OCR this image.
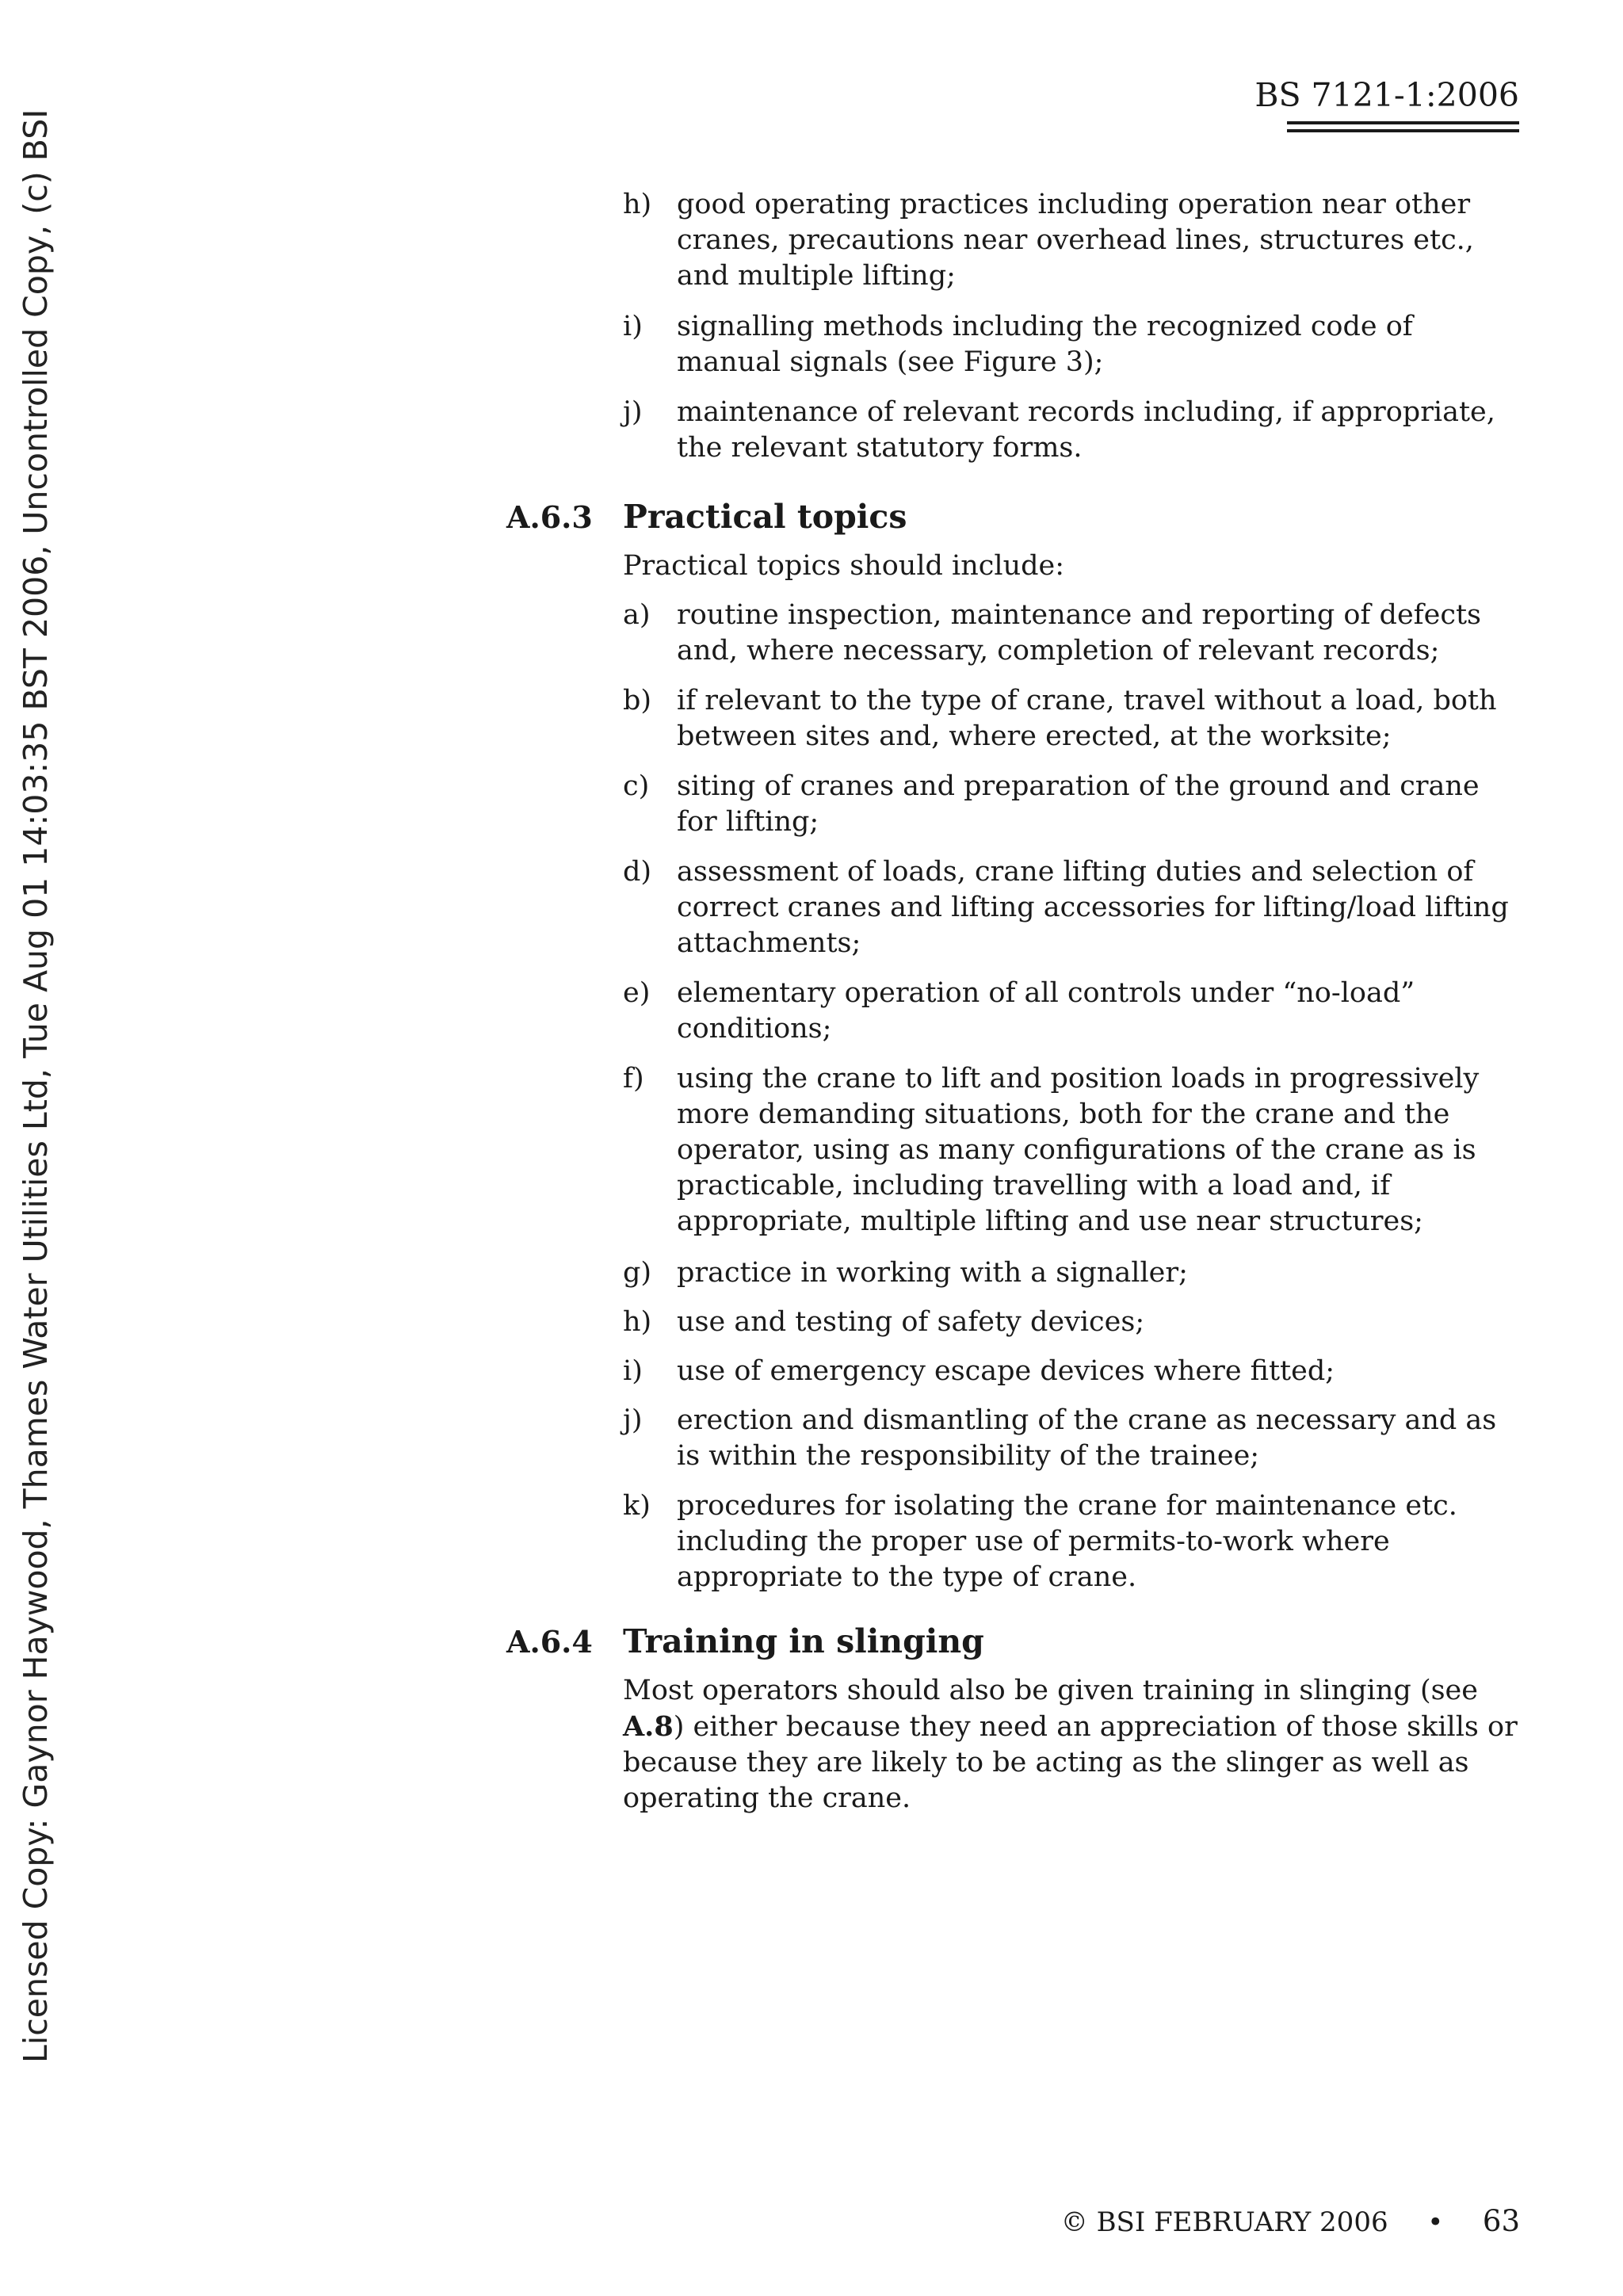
Licensed Copy: Gaynor Haywood, Thames Water Utilities Ltd, Tue Aug 01 14:03:35 BST 2006, Uncontrolled Copy, (c) BSI
BS 7121-1:2006
h) good operating practices including operation near other cranes, precautions near overhead lines, structures etc., and multiple lifting;
i) signalling methods including the recognized code of manual signals (see Figure 3);
j) maintenance of relevant records including, if appropriate, the relevant statutory forms.
A.6.3 Practical topics
Practical topics should include:
a) routine inspection, maintenance and reporting of defects and, where necessary, completion of relevant records;
b) if relevant to the type of crane, travel without a load, both between sites and, where erected, at the worksite;
c) siting of cranes and preparation of the ground and crane for lifting;
d) assessment of loads, crane lifting duties and selection of correct cranes and lifting accessories for lifting/load lifting attachments;
e) elementary operation of all controls under “no-load” conditions;
f) using the crane to lift and position loads in progressively more demanding situations, both for the crane and the operator, using as many configurations of the crane as is practicable, including travelling with a load and, if appropriate, multiple lifting and use near structures;
g) practice in working with a signaller;
h) use and testing of safety devices;
i) use of emergency escape devices where fitted;
j) erection and dismantling of the crane as necessary and as is within the responsibility of the trainee;
k) procedures for isolating the crane for maintenance etc. including the proper use of permits-to-work where appropriate to the type of crane.
A.6.4 Training in slinging
Most operators should also be given training in slinging (see A.8) either because they need an appreciation of those skills or because they are likely to be acting as the slinger as well as operating the crane.
© BSI FEBRUARY 2006 • 63
